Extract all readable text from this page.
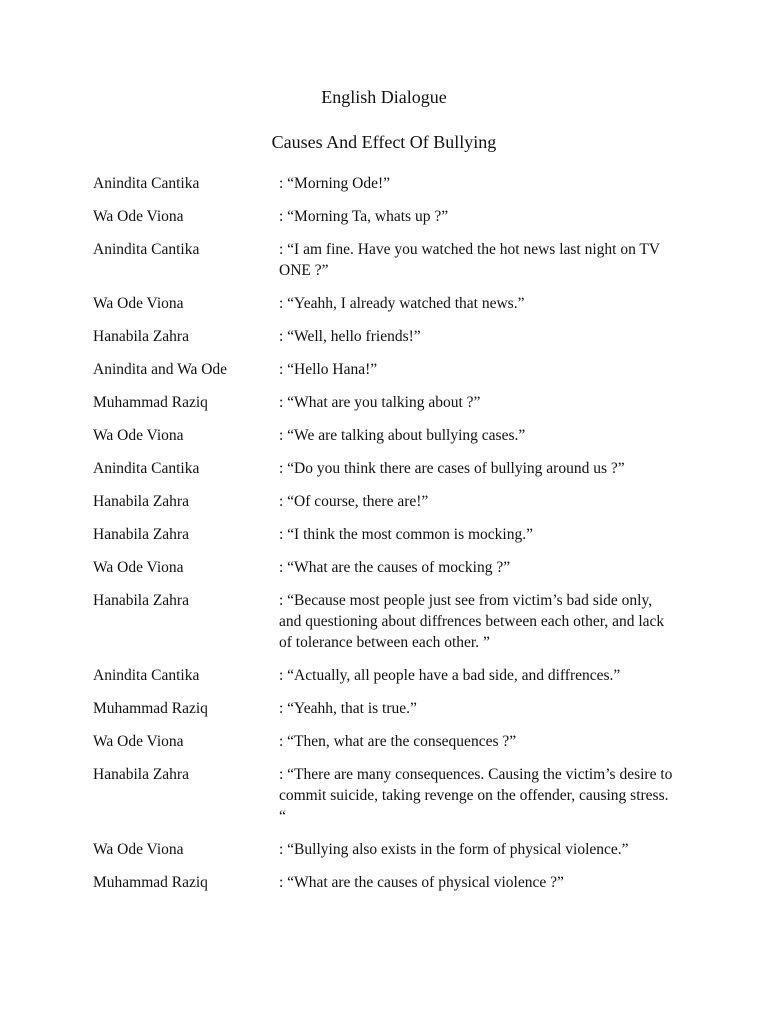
English Dialogue
Causes And Effect Of Bullying
Anindita Cantika	: “Morning Ode!”
Wa Ode Viona	: “Morning Ta, whats up ?”
Anindita Cantika	: “I am fine. Have you watched the hot news last night on TV ONE ?”
Wa Ode Viona	: “Yeahh, I already watched that news.”
Hanabila Zahra	: “Well, hello friends!”
Anindita and Wa Ode	: “Hello Hana!”
Muhammad Raziq	: “What are you talking about ?”
Wa Ode Viona	: “We are talking about bullying cases.”
Anindita Cantika	: “Do you think there are cases of bullying around us ?”
Hanabila Zahra	: “Of course, there are!”
Hanabila Zahra	: “I think the most common is mocking.”
Wa Ode Viona	: “What are the causes of mocking ?”
Hanabila Zahra	: “Because most people just see from victim’s bad side only, and questioning about diffrences between each other, and lack of tolerance between each other. ”
Anindita Cantika	: “Actually, all people have a bad side, and diffrences.”
Muhammad Raziq	: “Yeahh, that is true.”
Wa Ode Viona	: “Then, what are the consequences ?”
Hanabila Zahra	: “There are many consequences. Causing the victim’s desire to commit suicide, taking revenge on the offender, causing stress. “
Wa Ode Viona	: “Bullying also exists in the form of physical violence.”
Muhammad Raziq	: “What are the causes of physical violence ?”
